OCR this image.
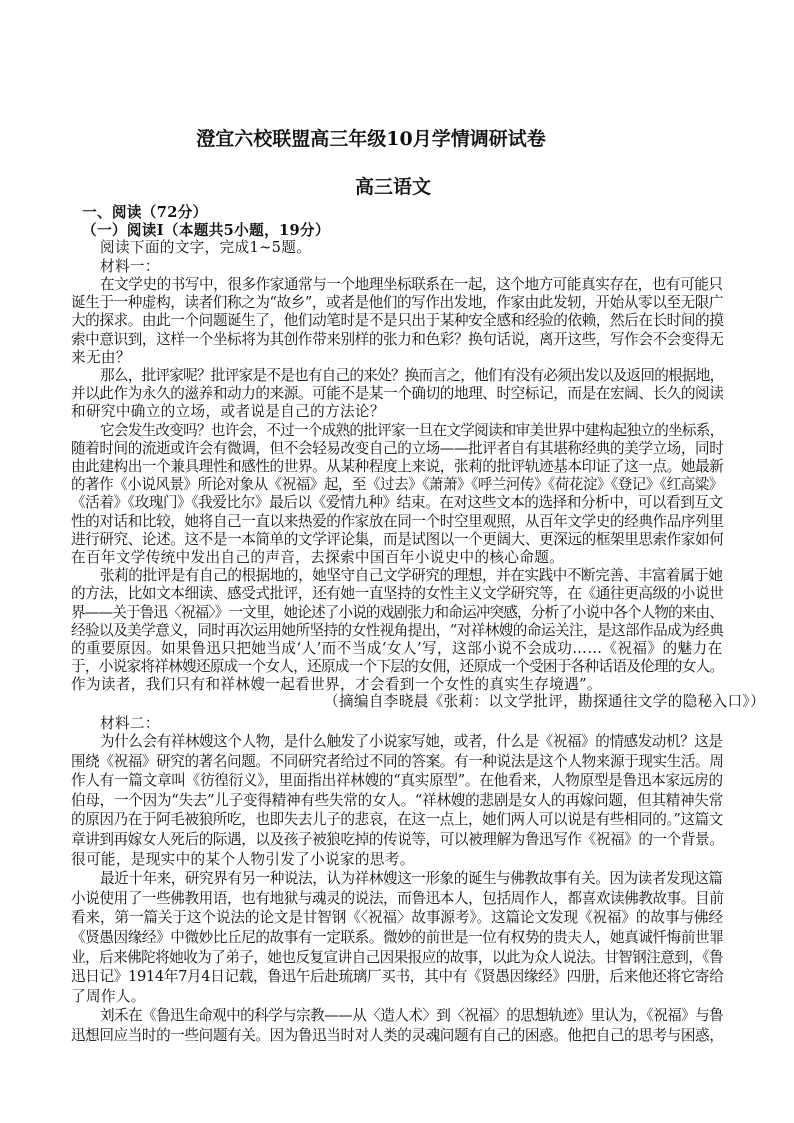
澄宜六校联盟高三年级10月学情调研试卷
高三语文
一、阅读（72分）
（一）阅读Ⅰ（本题共5小题，19分）
阅读下面的文字，完成1~5题。
材料一：
在文学史的书写中，很多作家通常与一个地理坐标联系在一起，这个地方可能真实存在，也有可能只
诞生于一种虚构，读者们称之为“故乡”，或者是他们的写作出发地，作家由此发轫，开始从零以至无限广
大的探求。由此一个问题诞生了，他们动笔时是不是只出于某种安全感和经验的依赖，然后在长时间的摸
索中意识到，这样一个坐标将为其创作带来别样的张力和色彩？换句话说，离开这些，写作会不会变得无
来无由？
那么，批评家呢？批评家是不是也有自己的来处？换而言之，他们有没有必须出发以及返回的根据地，
并以此作为永久的滋养和动力的来源。可能不是某一个确切的地理、时空标记，而是在宏阔、长久的阅读
和研究中确立的立场，或者说是自己的方法论？
它会发生改变吗？也许会，不过一个成熟的批评家一旦在文学阅读和审美世界中建构起独立的坐标系，
随着时间的流逝或许会有微调，但不会轻易改变自己的立场——批评者自有其堪称经典的美学立场，同时
由此建构出一个兼具理性和感性的世界。从某种程度上来说，张莉的批评轨迹基本印证了这一点。她最新
的著作《小说风景》所论对象从《祝福》起，至《过去》《萧萧》《呼兰河传》《荷花淀》《登记》《红高粱》
《活着》《玫瑰门》《我爱比尔》最后以《爱情九种》结束。在对这些文本的选择和分析中，可以看到互文
性的对话和比较，她将自己一直以来热爱的作家放在同一个时空里观照，从百年文学史的经典作品序列里
进行研究、论述。这不是一本简单的文学评论集，而是试图以一个更阔大、更深远的框架里思索作家如何
在百年文学传统中发出自己的声音，去探索中国百年小说史中的核心命题。
张莉的批评是有自己的根据地的，她坚守自己文学研究的理想，并在实践中不断完善、丰富着属于她
的方法，比如文本细读、感受式批评，还有她一直坚持的女性主义文学研究等，在《通往更高级的小说世
界——关于鲁迅〈祝福〉》一文里，她论述了小说的戏剧张力和命运冲突感，分析了小说中各个人物的来由、
经验以及美学意义，同时再次运用她所坚持的女性视角提出，“对祥林嫂的命运关注，是这部作品成为经典
的重要原因。如果鲁迅只把她当成‘人’而不当成‘女人’写，这部小说不会成功……《祝福》的魅力在
于，小说家将祥林嫂还原成一个女人，还原成一个下层的女佣，还原成一个受困于各种话语及伦理的女人。
作为读者，我们只有和祥林嫂一起看世界，才会看到一个女性的真实生存境遇”。
（摘编自李晓晨《张莉：以文学批评，勘探通往文学的隐秘入口》）
材料二：
为什么会有祥林嫂这个人物，是什么触发了小说家写她，或者，什么是《祝福》的情感发动机？这是
围绕《祝福》研究的著名问题。不同研究者给过不同的答案。有一种说法是这个人物来源于现实生活。周
作人有一篇文章叫《彷徨衍义》，里面指出祥林嫂的“真实原型”。在他看来，人物原型是鲁迅本家远房的
伯母，一个因为“失去”儿子变得精神有些失常的女人。“祥林嫂的悲剧是女人的再嫁问题，但其精神失常
的原因乃在于阿毛被狼所吃，也即失去儿子的悲哀，在这一点上，她们两人可以说是有些相同的。”这篇文
章讲到再嫁女人死后的际遇，以及孩子被狼吃掉的传说等，可以被理解为鲁迅写作《祝福》的一个背景。
很可能，是现实中的某个人物引发了小说家的思考。
最近十年来，研究界有另一种说法，认为祥林嫂这一形象的诞生与佛教故事有关。因为读者发现这篇
小说使用了一些佛教用语，也有地狱与魂灵的说法，而鲁迅本人，包括周作人，都喜欢读佛教故事。目前
看来，第一篇关于这个说法的论文是甘智钢《〈祝福〉故事源考》。这篇论文发现《祝福》的故事与佛经
《贤愚因缘经》中微妙比丘尼的故事有一定联系。微妙的前世是一位有权势的贵夫人，她真诚忏悔前世罪
业，后来佛陀将她收为了弟子，她也反复宣讲自己因果报应的故事，以此为众人说法。甘智钢注意到，《鲁
迅日记》1914年7月4日记载，鲁迅午后赴琉璃厂买书，其中有《贤愚因缘经》四册，后来他还将它寄给
了周作人。
刘禾在《鲁迅生命观中的科学与宗教——从〈造人术〉到〈祝福〉的思想轨迹》里认为，《祝福》与鲁
迅想回应当时的一些问题有关。因为鲁迅当时对人类的灵魂问题有自己的困惑。他把自己的思考与困惑，
